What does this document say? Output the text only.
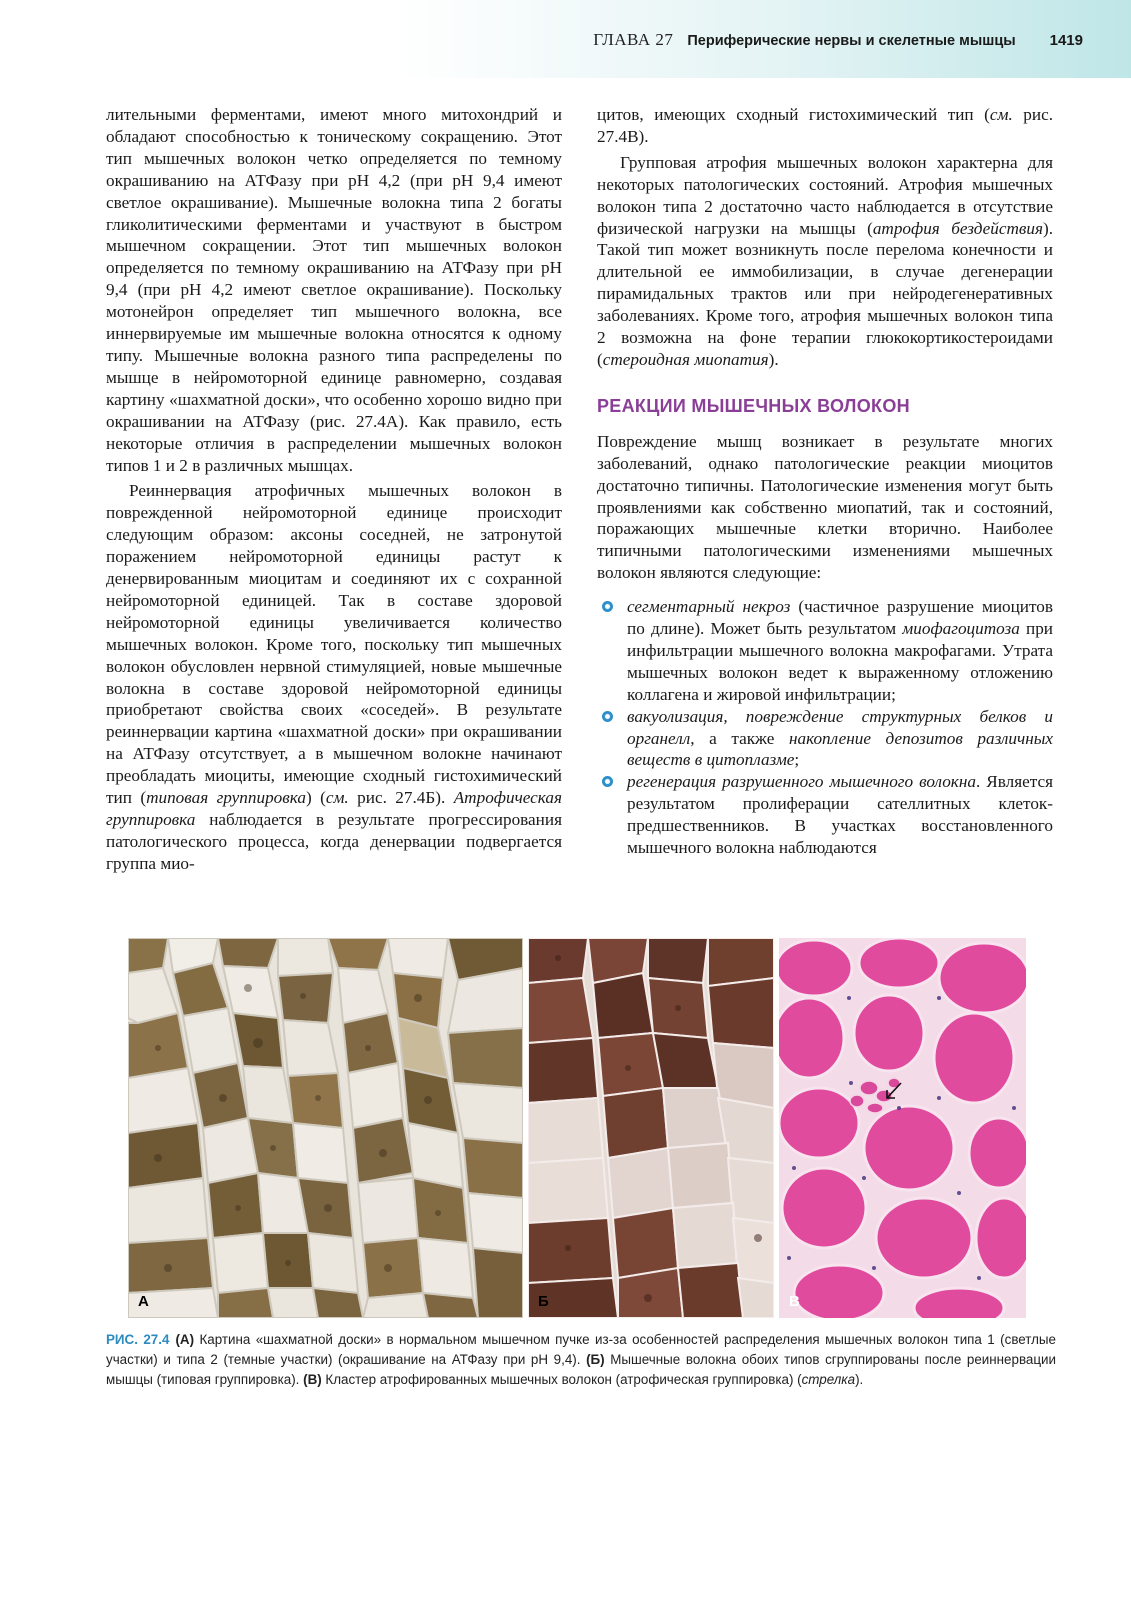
ГЛАВА 27 Периферические нервы и скелетные мышцы 1419

лительными ферментами, имеют много митохондрий и обладают способностью к тоническому сокращению. Этот тип мышечных волокон четко определяется по темному окрашиванию на АТФазу при рН 4,2 (при рН 9,4 имеют светлое окрашивание). Мышечные волокна типа 2 богаты гликолитическими ферментами и участвуют в быстром мышечном сокращении. Этот тип мышечных волокон определяется по темному окрашиванию на АТФазу при рН 9,4 (при рН 4,2 имеют светлое окрашивание). Поскольку мотонейрон определяет тип мышечного волокна, все иннервируемые им мышечные волокна относятся к одному типу. Мышечные волокна разного типа распределены по мышце в нейромоторной единице равномерно, создавая картину «шахматной доски», что особенно хорошо видно при окрашивании на АТФазу (рис. 27.4А). Как правило, есть некоторые отличия в распределении мышечных волокон типов 1 и 2 в различных мышцах.

Реиннервация атрофичных мышечных волокон в поврежденной нейромоторной единице происходит следующим образом: аксоны соседней, не затронутой поражением нейромоторной единицы растут к денервированным миоцитам и соединяют их с сохранной нейромоторной единицей. Так в составе здоровой нейромоторной единицы увеличивается количество мышечных волокон. Кроме того, поскольку тип мышечных волокон обусловлен нервной стимуляцией, новые мышечные волокна в составе здоровой нейромоторной единицы приобретают свойства своих «соседей». В результате реиннервации картина «шахматной доски» при окрашивании на АТФазу отсутствует, а в мышечном волокне начинают преобладать миоциты, имеющие сходный гистохимический тип (типовая группировка) (см. рис. 27.4Б). Атрофическая группировка наблюдается в результате прогрессирования патологического процесса, когда денервации подвергается группа мио-

цитов, имеющих сходный гистохимический тип (см. рис. 27.4В).

Групповая атрофия мышечных волокон характерна для некоторых патологических состояний. Атрофия мышечных волокон типа 2 достаточно часто наблюдается в отсутствие физической нагрузки на мышцы (атрофия бездействия). Такой тип может возникнуть после перелома конечности и длительной ее иммобилизации, в случае дегенерации пирамидальных трактов или при нейродегенеративных заболеваниях. Кроме того, атрофия мышечных волокон типа 2 возможна на фоне терапии глюкокортикостероидами (стероидная миопатия).

РЕАКЦИИ МЫШЕЧНЫХ ВОЛОКОН

Повреждение мышц возникает в результате многих заболеваний, однако патологические реакции миоцитов достаточно типичны. Патологические изменения могут быть проявлениями как собственно миопатий, так и состояний, поражающих мышечные клетки вторично. Наиболее типичными патологическими изменениями мышечных волокон являются следующие:

сегментарный некроз (частичное разрушение миоцитов по длине). Может быть результатом миофагоцитоза при инфильтрации мышечного волокна макрофагами. Утрата мышечных волокон ведет к выраженному отложению коллагена и жировой инфильтрации;
вакуолизация, повреждение структурных белков и органелл, а также накопление депозитов различных веществ в цитоплазме;
регенерация разрушенного мышечного волокна. Является результатом пролиферации сателлитных клеток-предшественников. В участках восстановленного мышечного волокна наблюдаются
A	Б	В
РИС. 27.4 (А) Картина «шахматной доски» в нормальном мышечном пучке из-за особенностей распределения мышечных волокон типа 1 (светлые участки) и типа 2 (темные участки) (окрашивание на АТФазу при рН 9,4). (Б) Мышечные волокна обоих типов сгруппированы после реиннервации мышцы (типовая группировка). (В) Кластер атрофированных мышечных волокон (атрофическая группировка) (стрелка).
